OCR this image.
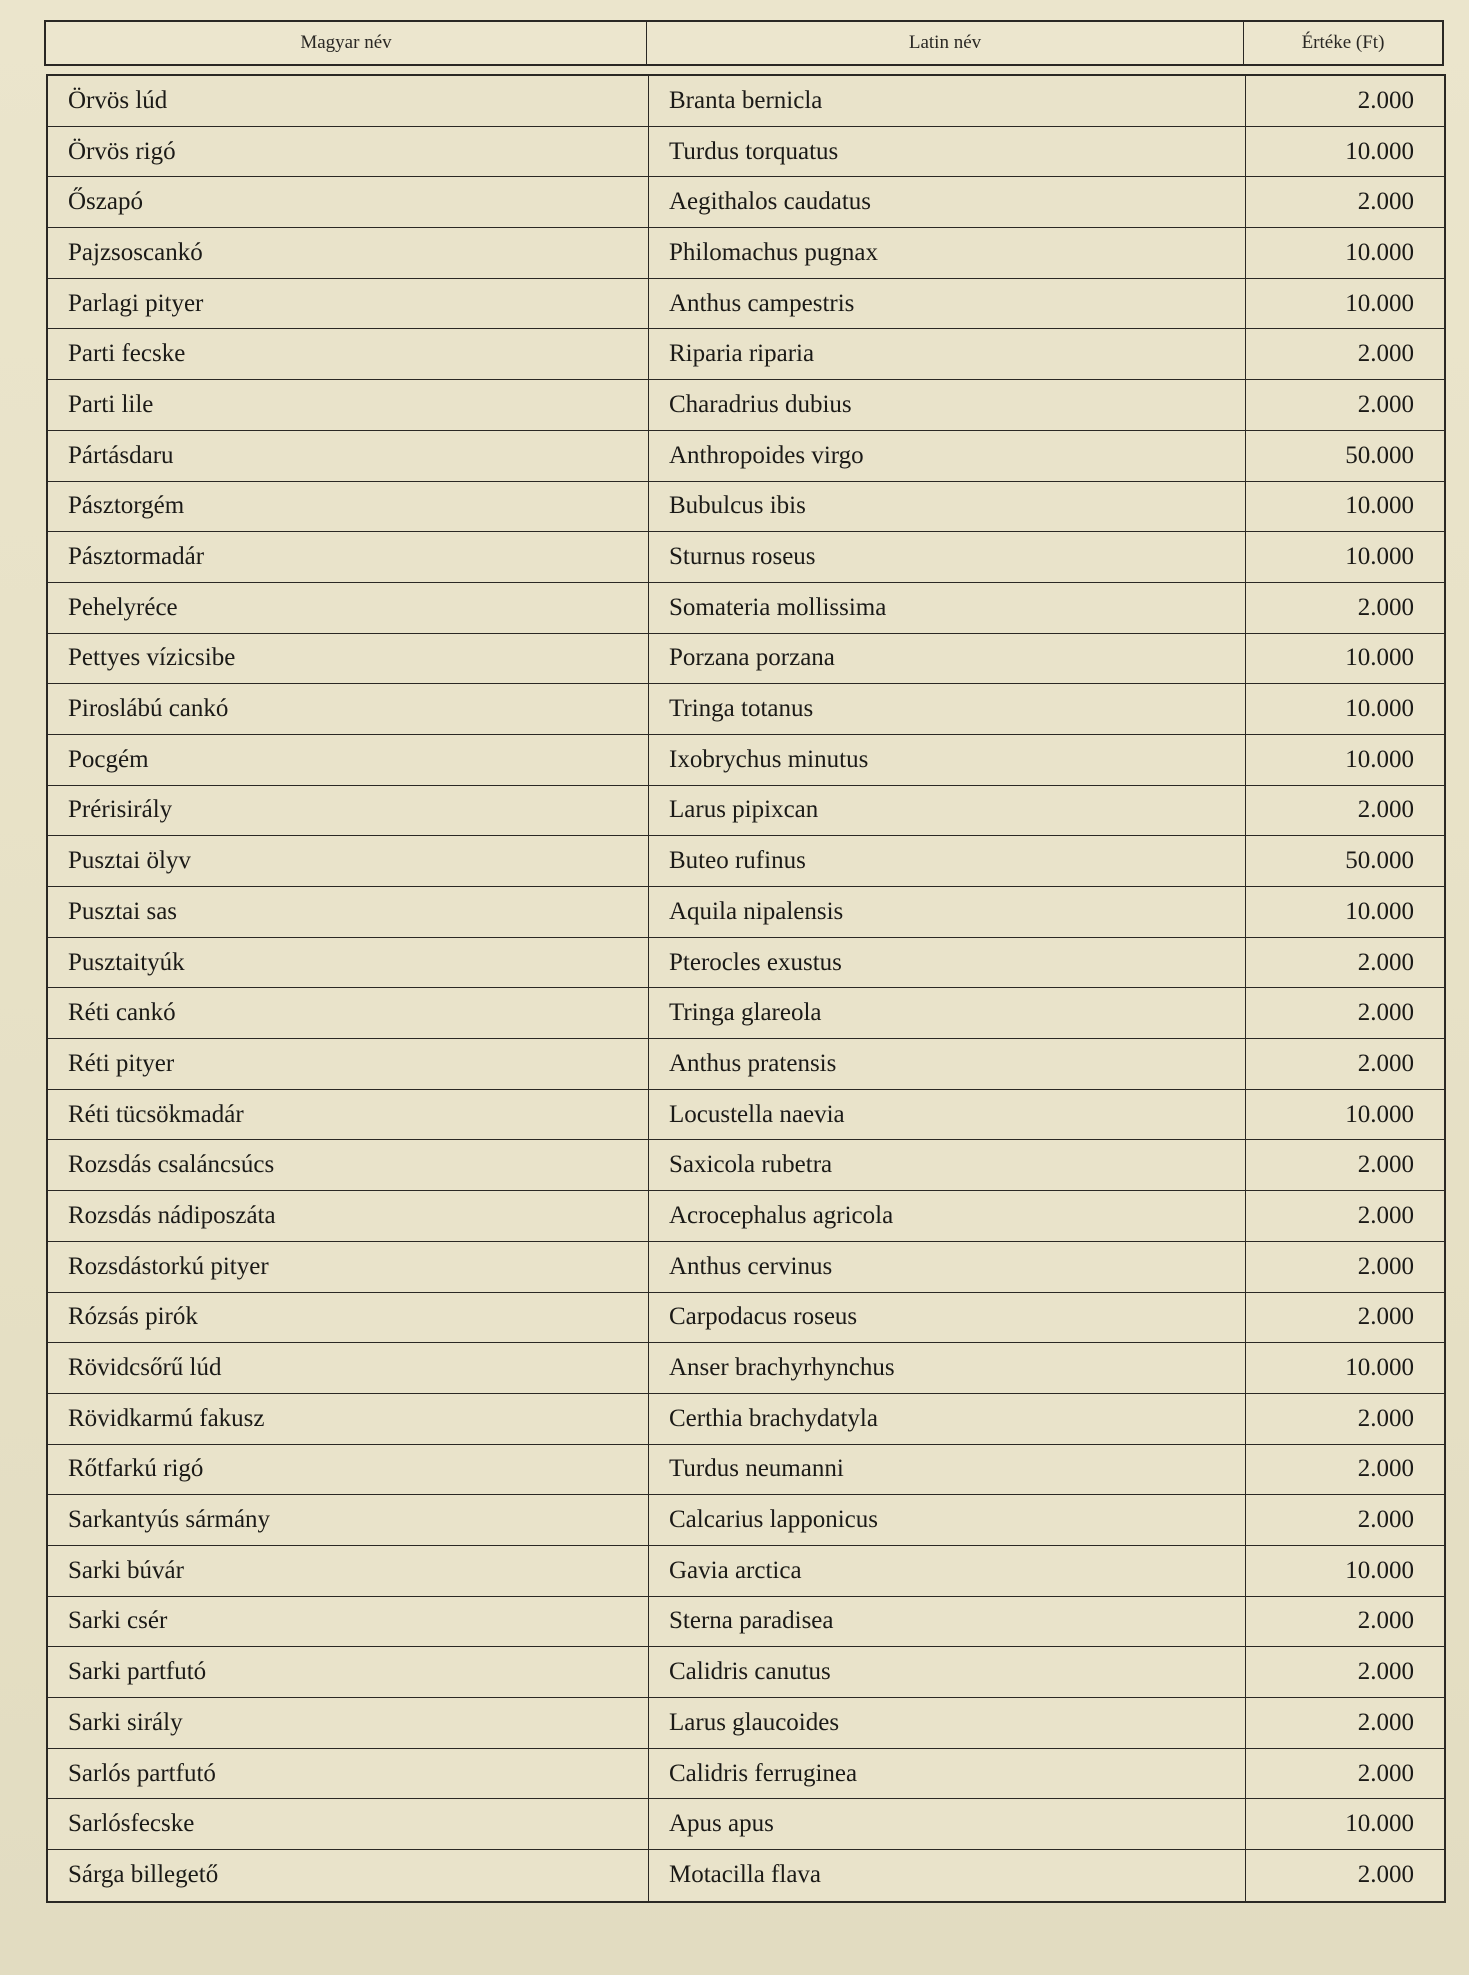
Magyar név	Latin név	Értéke (Ft)
Örvös lúd	Branta bernicla	2.000
Örvös rigó	Turdus torquatus	10.000
Őszapó	Aegithalos caudatus	2.000
Pajzsoscankó	Philomachus pugnax	10.000
Parlagi pityer	Anthus campestris	10.000
Parti fecske	Riparia riparia	2.000
Parti lile	Charadrius dubius	2.000
Pártásdaru	Anthropoides virgo	50.000
Pásztorgém	Bubulcus ibis	10.000
Pásztormadár	Sturnus roseus	10.000
Pehelyréce	Somateria mollissima	2.000
Pettyes vízicsibe	Porzana porzana	10.000
Piroslábú cankó	Tringa totanus	10.000
Pocgém	Ixobrychus minutus	10.000
Prérisirály	Larus pipixcan	2.000
Pusztai ölyv	Buteo rufinus	50.000
Pusztai sas	Aquila nipalensis	10.000
Pusztaityúk	Pterocles exustus	2.000
Réti cankó	Tringa glareola	2.000
Réti pityer	Anthus pratensis	2.000
Réti tücsökmadár	Locustella naevia	10.000
Rozsdás csaláncsúcs	Saxicola rubetra	2.000
Rozsdás nádiposzáta	Acrocephalus agricola	2.000
Rozsdástorkú pityer	Anthus cervinus	2.000
Rózsás pirók	Carpodacus roseus	2.000
Rövidcsőrű lúd	Anser brachyrhynchus	10.000
Rövidkarmú fakusz	Certhia brachydatyla	2.000
Rőtfarkú rigó	Turdus neumanni	2.000
Sarkantyús sármány	Calcarius lapponicus	2.000
Sarki búvár	Gavia arctica	10.000
Sarki csér	Sterna paradisea	2.000
Sarki partfutó	Calidris canutus	2.000
Sarki sirály	Larus glaucoides	2.000
Sarlós partfutó	Calidris ferruginea	2.000
Sarlósfecske	Apus apus	10.000
Sárga billegető	Motacilla flava	2.000
